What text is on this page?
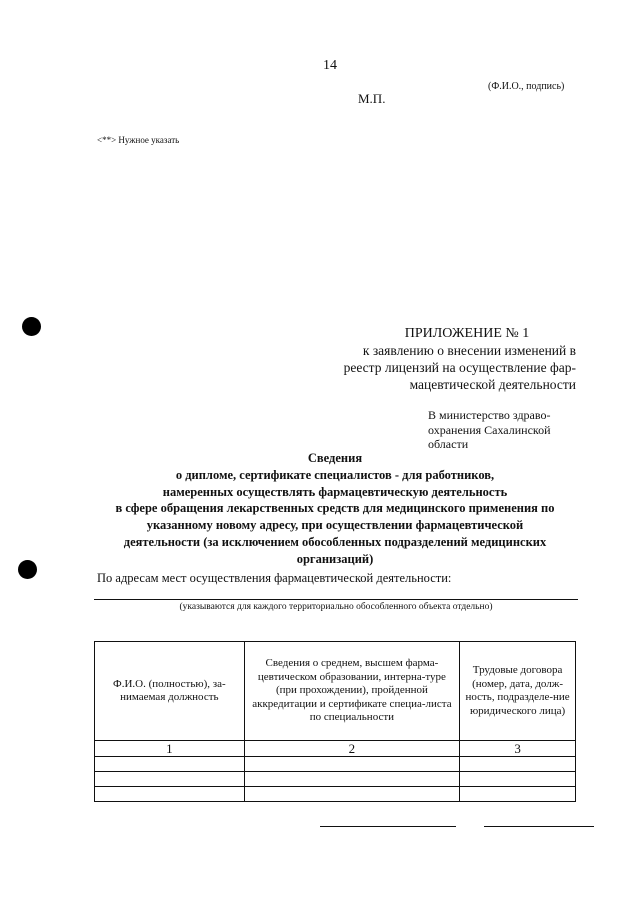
14
(Ф.И.О., подпись)
М.П.
<**> Нужное указать
ПРИЛОЖЕНИЕ № 1
к заявлению о внесении изменений в
реестр лицензий на осуществление фар-
мацевтической деятельности
В министерство здраво-
охранения Сахалинской
области
Сведения
о дипломе, сертификате специалистов - для работников,
намеренных осуществлять фармацевтическую деятельность
в сфере обращения лекарственных средств для медицинского применения по
указанному новому адресу, при осуществлении фармацевтической
деятельности (за исключением обособленных подразделений медицинских
организаций)
По адресам мест осуществления фармацевтической деятельности:
(указываются для каждого территориально обособленного объекта отдельно)
Ф.И.О. (полностью), за-нимаемая должность	Сведения о среднем, высшем фарма-цевтическом образовании, интерна-туре (при прохождении), пройденной аккредитации и сертификате специа-листа по специальности	Трудовые договора (номер, дата, долж-ность, подразделе-ние юридического лица)
1	2	3
